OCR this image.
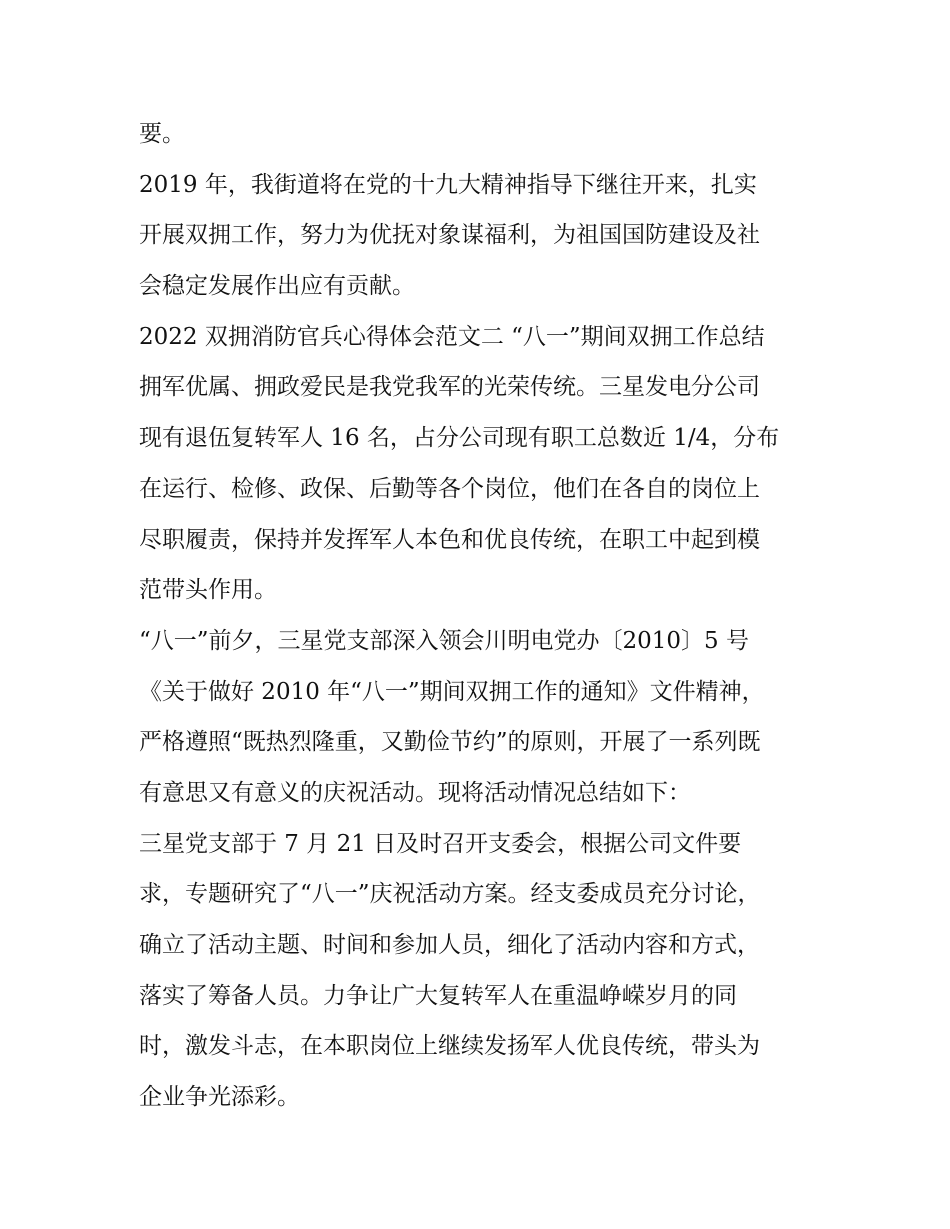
要。
2019 年，我街道将在党的十九大精神指导下继往开来，扎实
开展双拥工作，努力为优抚对象谋福利，为祖国国防建设及社
会稳定发展作出应有贡献。
2022 双拥消防官兵心得体会范文二 “八一”期间双拥工作总结
拥军优属、拥政爱民是我党我军的光荣传统。三星发电分公司
现有退伍复转军人 16 名，占分公司现有职工总数近 1/4，分布
在运行、检修、政保、后勤等各个岗位，他们在各自的岗位上
尽职履责，保持并发挥军人本色和优良传统，在职工中起到模
范带头作用。
“八一”前夕，三星党支部深入领会川明电党办〔2010〕5 号
《关于做好 2010 年“八一”期间双拥工作的通知》文件精神，
严格遵照“既热烈隆重，又勤俭节约”的原则，开展了一系列既
有意思又有意义的庆祝活动。现将活动情况总结如下：
三星党支部于 7 月 21 日及时召开支委会，根据公司文件要
求，专题研究了“八一”庆祝活动方案。经支委成员充分讨论，
确立了活动主题、时间和参加人员，细化了活动内容和方式，
落实了筹备人员。力争让广大复转军人在重温峥嵘岁月的同
时，激发斗志，在本职岗位上继续发扬军人优良传统，带头为
企业争光添彩。
